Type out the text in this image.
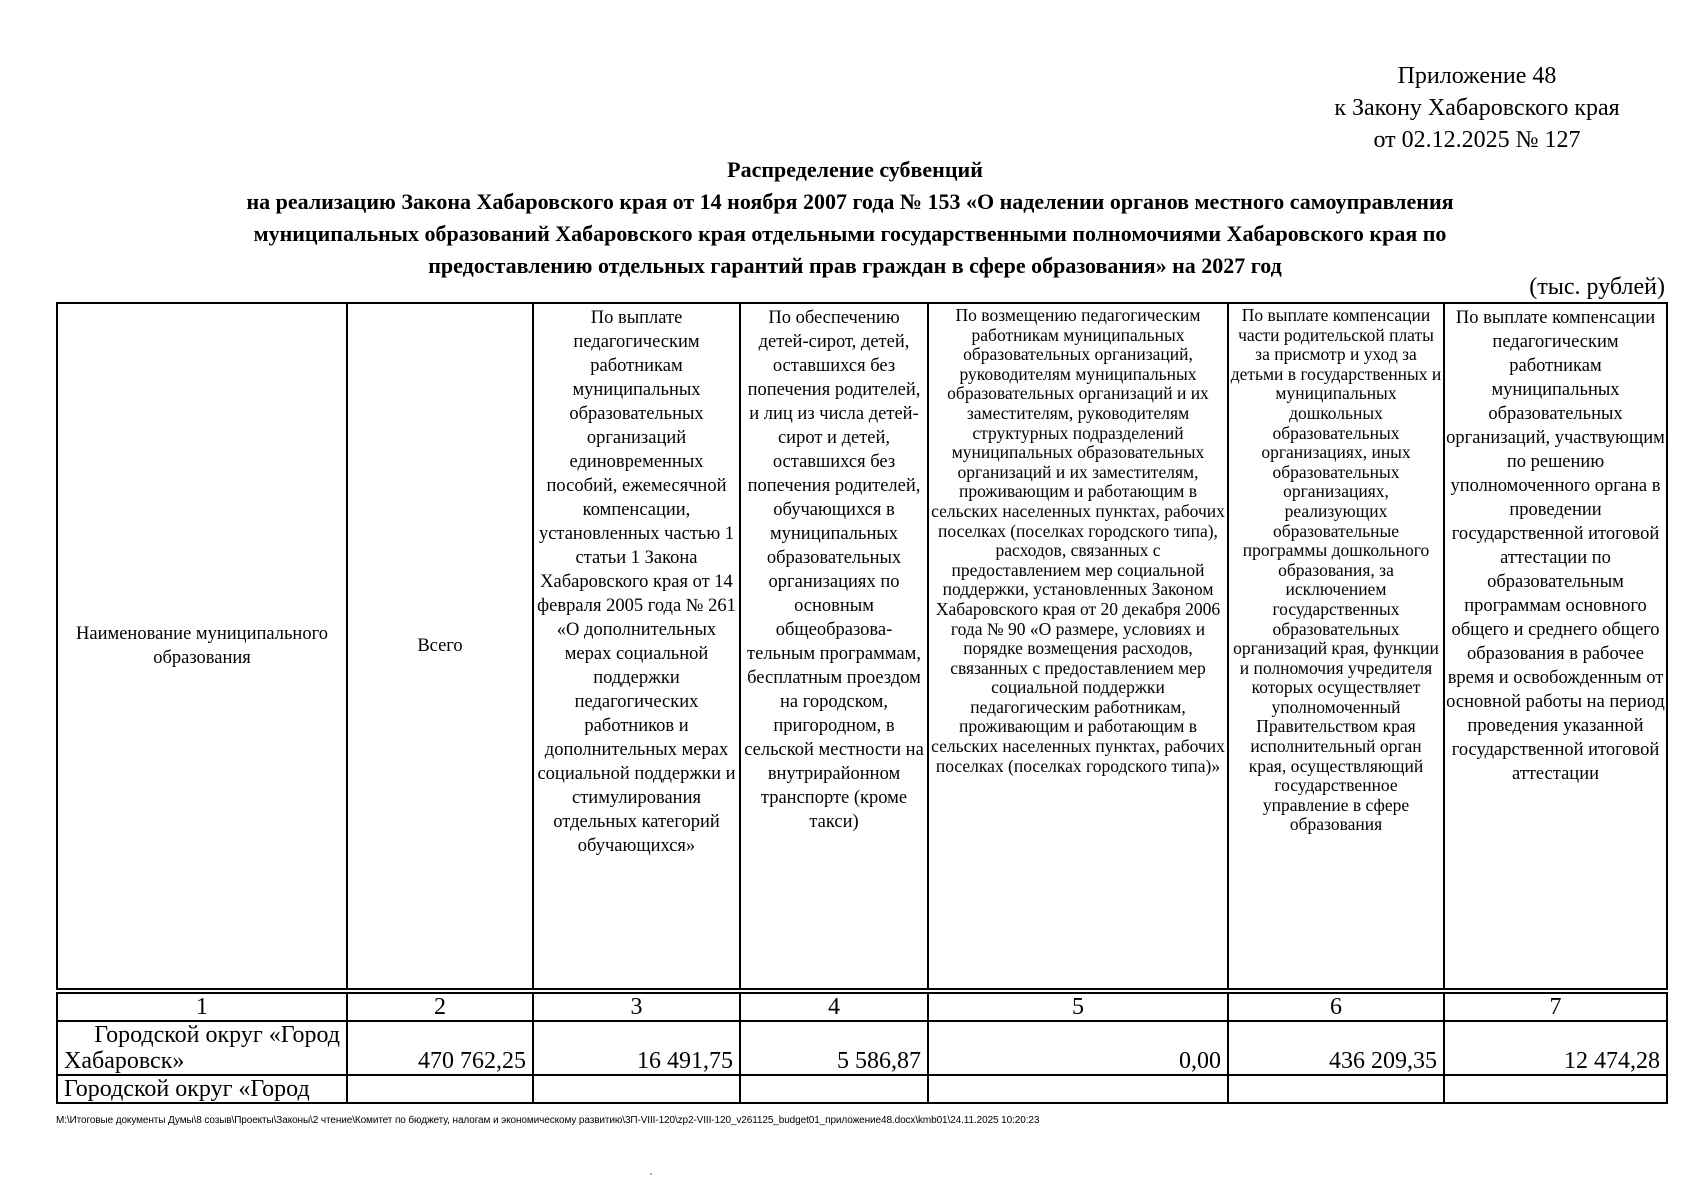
Приложение 48
к Закону Хабаровского края
от 02.12.2025 № 127
Распределение субвенций
на реализацию Закона Хабаровского края от 14 ноября 2007 года № 153 «О наделении органов местного самоуправления
муниципальных образований Хабаровского края отдельными государственными полномочиями Хабаровского края по
предоставлению отдельных гарантий прав граждан в сфере образования» на 2027 год
(тыс. рублей)
Наименование муниципального образования	Всего	По выплате педагогическим работникам муниципальных образовательных организаций единовременных пособий, ежемесячной компенсации, установленных частью 1 статьи 1 Закона Хабаровского края от 14 февраля 2005 года № 261 «О дополнительных мерах социальной поддержки педагогических работников и дополнительных мерах социальной поддержки и стимулирования отдельных категорий обучающихся»	По обеспечению детей-сирот, детей, оставшихся без попечения родителей, и лиц из числа детей-сирот и детей, оставшихся без попечения родителей, обучающихся в муниципальных образовательных организациях по основным общеобразова-тельным программам, бесплатным проездом на городском, пригородном, в сельской местности на внутрирайонном транспорте (кроме такси)	По возмещению педагогическим работникам муниципальных образовательных организаций, руководителям муниципальных образовательных организаций и их заместителям, руководителям структурных подразделений муниципальных образовательных организаций и их заместителям, проживающим и работающим в сельских населенных пунктах, рабочих поселках (поселках городского типа), расходов, связанных с предоставлением мер социальной поддержки, установленных Законом Хабаровского края от 20 декабря 2006 года № 90 «О размере, условиях и порядке возмещения расходов, связанных с предоставлением мер социальной поддержки педагогическим работникам, проживающим и работающим в сельских населенных пунктах, рабочих поселках (поселках городского типа)»	По выплате компенсации части родительской платы за присмотр и уход за детьми в государственных и муниципальных дошкольных образовательных организациях, иных образовательных организациях, реализующих образовательные программы дошкольного образования, за исключением государственных образовательных организаций края, функции и полномочия учредителя которых осуществляет уполномоченный Правительством края исполнительный орган края, осуществляющий государственное управление в сфере образования	По выплате компенсации педагогическим работникам муниципальных образовательных организаций, участвующим по решению уполномоченного органа в проведении государственной итоговой аттестации по образовательным программам основного общего и среднего общего образования в рабочее время и освобожденным от основной работы на период проведения указанной государственной итоговой аттестации
1	2	3	4	5	6	7
Городской округ «Город Хабаровск»	470 762,25	16 491,75	5 586,87	0,00	436 209,35	12 474,28
Городской округ «Город						
M:\Итоговые документы Думы\8 созыв\Проекты\Законы\2 чтение\Комитет по бюджету, налогам и экономическому развитию\3П-VIII-120\zp2-VIII-120_v261125_budget01_приложение48.docx\kmb01\24.11.2025 10:20:23
